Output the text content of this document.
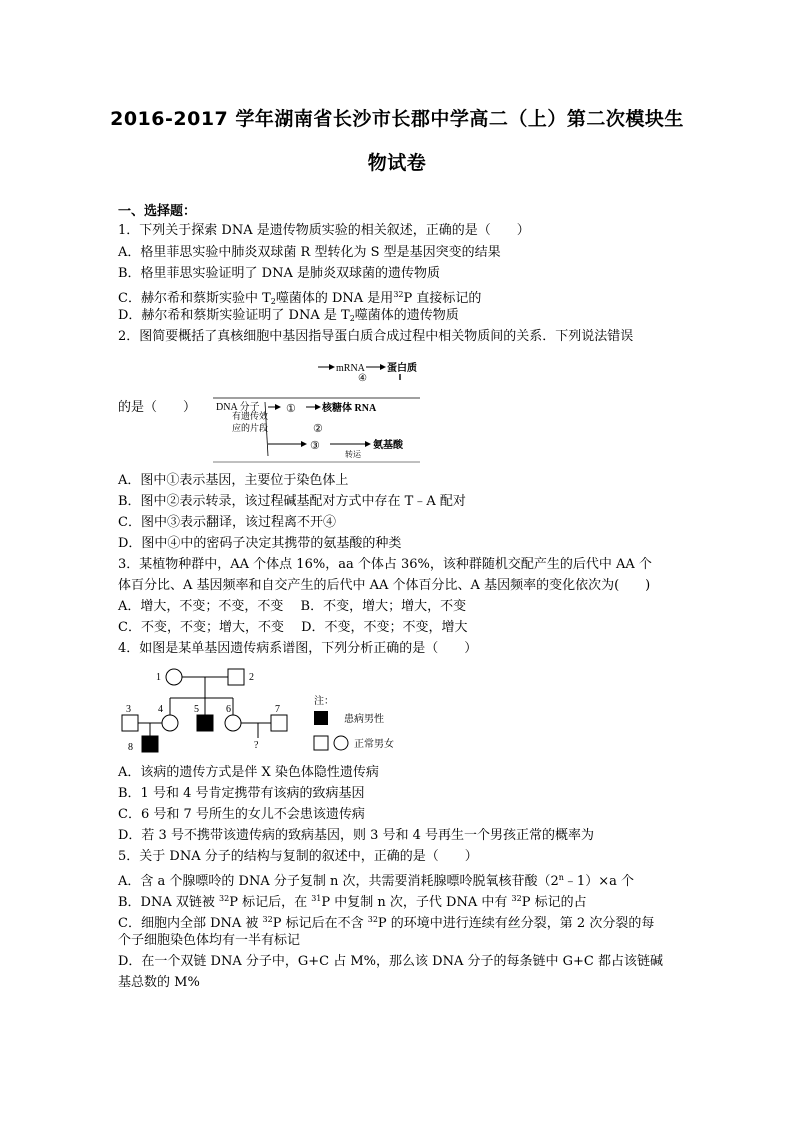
2016-2017 学年湖南省长沙市长郡中学高二（上）第二次模块生
物试卷
一、选择题：
1．下列关于探索 DNA 是遗传物质实验的相关叙述，正确的是（　　）
A．格里菲思实验中肺炎双球菌 R 型转化为 S 型是基因突变的结果
B．格里菲思实验证明了 DNA 是肺炎双球菌的遗传物质
C．赫尔希和蔡斯实验中 $T_2$噬菌体的 DNA 是用$^{32}$P 直接标记的
D．赫尔希和蔡斯实验证明了 DNA 是 $T_2$噬菌体的遗传物质
2．图简要概括了真核细胞中基因指导蛋白质合成过程中相关物质间的关系．下列说法错误
的是（　　）
mRNA 蛋白质
④
DNA 分子
有遗传效
应的片段
①	核糖体 RNA
②
③	氨基酸
转运
A．图中①表示基因，主要位于染色体上
B．图中②表示转录，该过程碱基配对方式中存在 T﹣A 配对
C．图中③表示翻译，该过程离不开④
D．图中④中的密码子决定其携带的氨基酸的种类
3．某植物种群中，AA 个体点 16%，aa 个体占 36%，该种群随机交配产生的后代中 AA 个
体百分比、A 基因频率和自交产生的后代中 AA 个体百分比、A 基因频率的变化依次为(　　)
A．增大，不变；不变，不变　 B．不变，增大；增大，不变
C．不变，不变；增大，不变　 D．不变，不变；不变，增大
4．如图是某单基因遗传病系谱图，下列分析正确的是（　　）
1	2
3	4	5	6	7
8	?
注：
患病男性
正常男女
A．该病的遗传方式是伴 X 染色体隐性遗传病
B．1 号和 4 号肯定携带有该病的致病基因
C．6 号和 7 号所生的女儿不会患该遗传病
D．若 3 号不携带该遗传病的致病基因，则 3 号和 4 号再生一个男孩正常的概率为
5．关于 DNA 分子的结构与复制的叙述中，正确的是（　　）
A．含 a 个腺嘌呤的 DNA 分子复制 n 次，共需要消耗腺嘌呤脱氧核苷酸$(2^n﹣1)\times a$ 个
B．DNA 双链被 $^{32}$P 标记后，在 $^{31}$P 中复制 n 次，子代 DNA 中有 $^{32}$P 标记的占
C．细胞内全部 DNA 被 $^{32}$P 标记后在不含 $^{32}$P 的环境中进行连续有丝分裂，第 2 次分裂的每
个子细胞染色体均有一半有标记
D．在一个双链 DNA 分子中，G+C 占 M%，那么该 DNA 分子的每条链中 G+C 都占该链碱
基总数的 M%
